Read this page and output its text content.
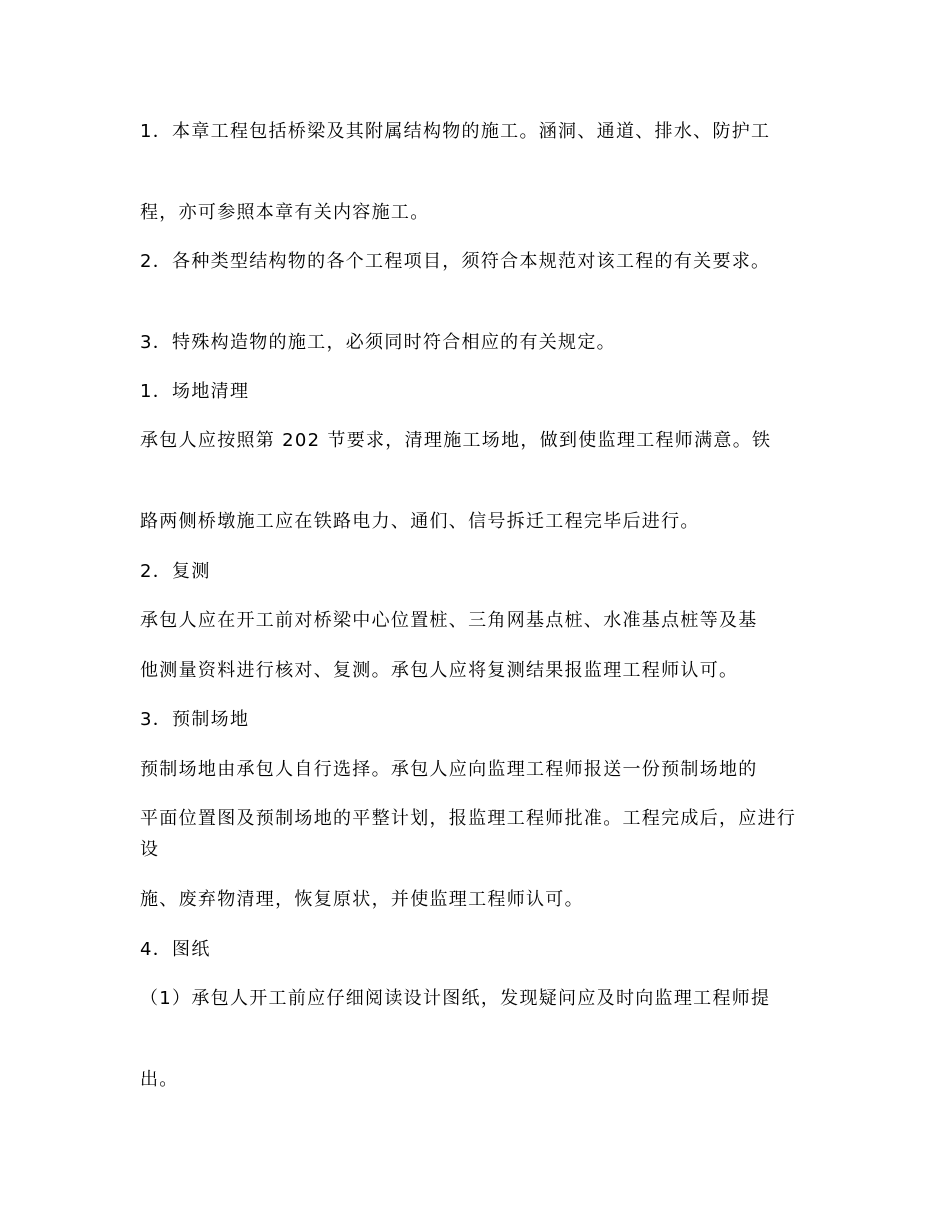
1．本章工程包括桥梁及其附属结构物的施工。涵洞、通道、排水、防护工
程，亦可参照本章有关内容施工。
2．各种类型结构物的各个工程项目，须符合本规范对该工程的有关要求。
3．特殊构造物的施工，必须同时符合相应的有关规定。
1．场地清理
承包人应按照第 202 节要求，清理施工场地，做到使监理工程师满意。铁
路两侧桥墩施工应在铁路电力、通们、信号拆迁工程完毕后进行。
2．复测
承包人应在开工前对桥梁中心位置桩、三角网基点桩、水准基点桩等及基
他测量资料进行核对、复测。承包人应将复测结果报监理工程师认可。
3．预制场地
预制场地由承包人自行选择。承包人应向监理工程师报送一份预制场地的
平面位置图及预制场地的平整计划，报监理工程师批准。工程完成后，应进行设
施、废弃物清理，恢复原状，并使监理工程师认可。
4．图纸
（1）承包人开工前应仔细阅读设计图纸，发现疑问应及时向监理工程师提
出。
